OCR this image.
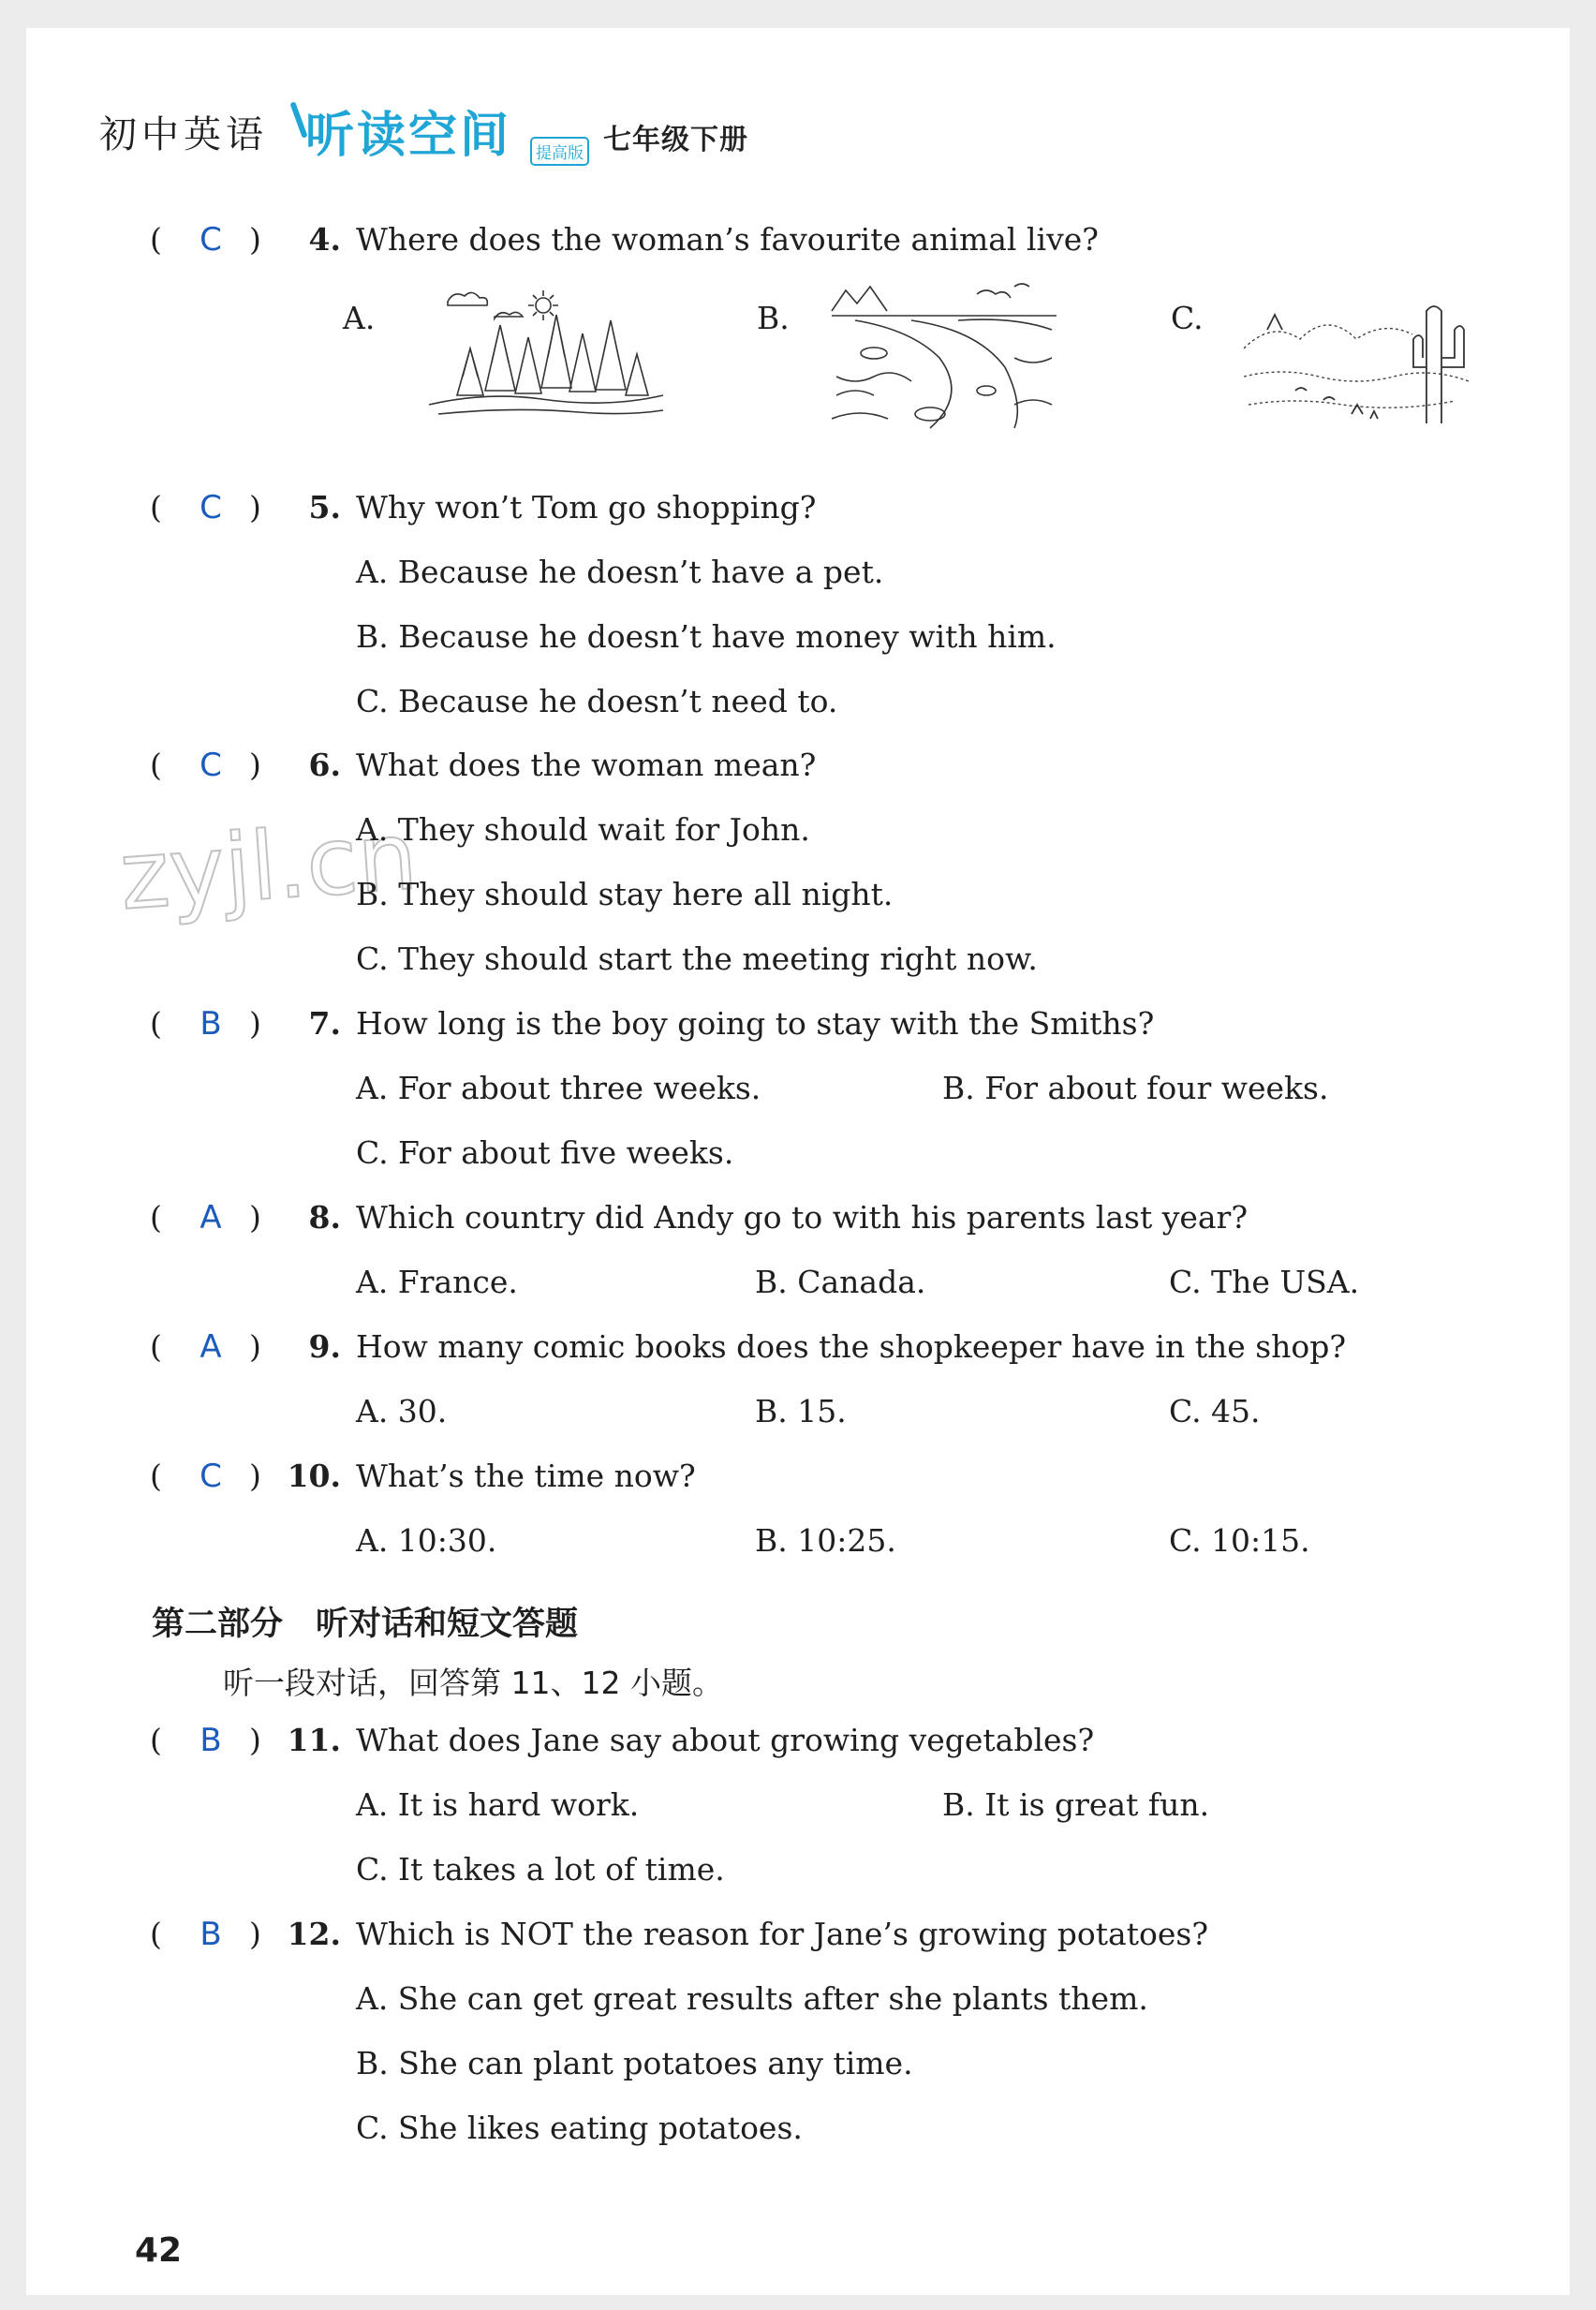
初中英语 听读空间	提高版 七年级下册
zyjl.cn
(	C )	4. Where does the woman’s favourite animal live?
A.	B.	C.
(	C )	5. Why won’t Tom go shopping?
A. Because he doesn’t have a pet.
B. Because he doesn’t have money with him.
C. Because he doesn’t need to.
(	C )	6. What does the woman mean?
A. They should wait for John.
B. They should stay here all night.
C. They should start the meeting right now.
(	B )	7. How long is the boy going to stay with the Smiths?
A. For about three weeks.	B. For about four weeks.
C. For about five weeks.
(	A )	8. Which country did Andy go to with his parents last year?
A. France.	B. Canada.	C. The USA.
(	A )	9. How many comic books does the shopkeeper have in the shop?
A. 30.	B. 15.	C. 45.
(	C ) 10. What’s the time now?
A. 10:30.	B. 10:25.	C. 10:15.
第二部分　听对话和短文答题
听一段对话，回答第 11、12 小题。
(	B ) 11. What does Jane say about growing vegetables?
A. It is hard work.	B. It is great fun.
C. It takes a lot of time.
(	B ) 12. Which is NOT the reason for Jane’s growing potatoes?
A. She can get great results after she plants them.
B. She can plant potatoes any time.
C. She likes eating potatoes.
42
